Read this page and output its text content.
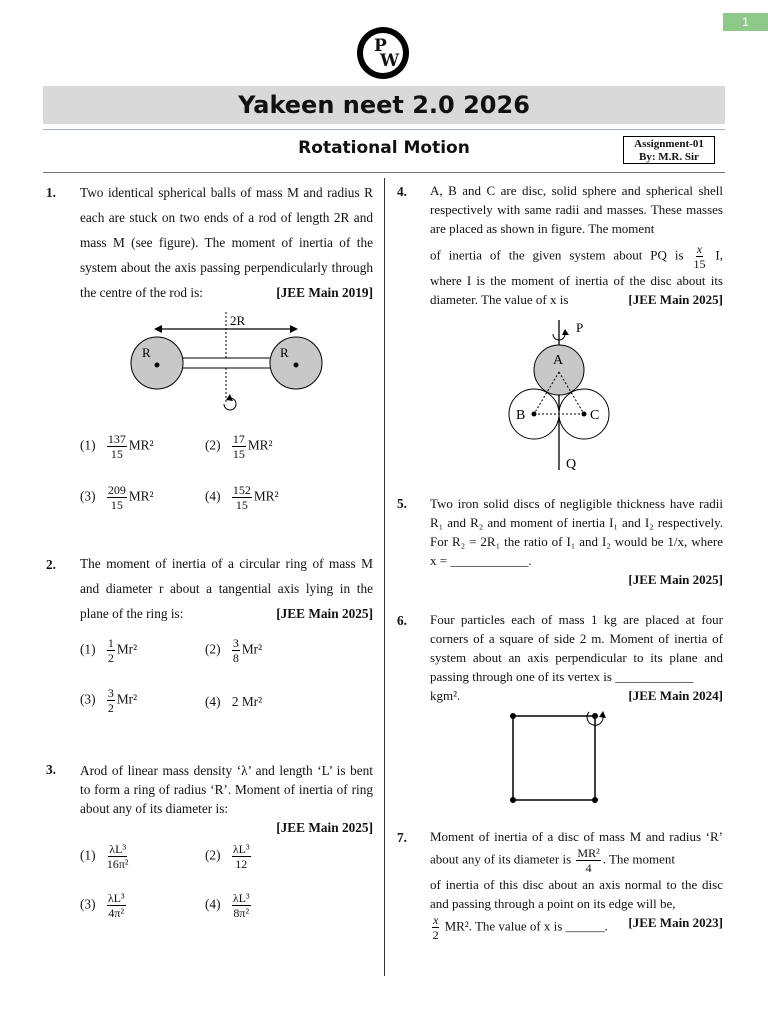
1
P
W
Yakeen neet 2.0 2026
Rotational Motion	Assignment-01
By: M.R. Sir
1. Two identical spherical balls of mass M and radius R each are stuck on two ends of a rod of length 2R and mass M (see figure). The moment of inertia of the system about the axis passing perpendicularly through the centre of the rod is:	[JEE Main 2019]
2R
R	R
$(1) \frac{137}{15} MR^2$	$(2) \frac{17}{15} MR^2$
$(3) \frac{209}{15} MR^2$	$(4) \frac{152}{15} MR^2$
2. The moment of inertia of a circular ring of mass M and diameter r about a tangential axis lying in the plane of the ring is:	[JEE Main 2025]
$(1) \frac{1}{2} Mr^2$	$(2) \frac{3}{8} Mr^2$
$(3) \frac{3}{2} Mr^2$	(4) 2 Mr²
3. Arod of linear mass density ‘λ’ and length ‘L’ is bent to form a ring of radius ‘R’. Moment of inertia of ring about any of its diameter is:

[JEE Main 2025]
$(1) \frac{\text{λL³}}{\text{16π²}}$	$(2) \frac{\text{λL³}}{12}$
$(3) \frac{\text{λL³}}{\text{4π²}}$	$(4) \frac{\text{λL³}}{\text{8π²}}$
4. A, B and C are disc, solid sphere and spherical shell respectively with same radii and masses. These masses are placed as shown in figure. The moment
of inertia of the given system about PQ is $\frac{x}{15} I$,
where I is the moment of inertia of the disc about its diameter. The value of x is	[JEE Main 2025]
P
A
B	C
Q
5. Two iron solid discs of negligible thickness have radii R₁ and R₂ and moment of inertia I₁ and I₂ respectively. For R₂ = 2R₁ the ratio of I₁ and I₂ would be 1/x, where x = ____________.

[JEE Main 2025]
6. Four particles each of mass 1 kg are placed at four corners of a square of side 2 m. Moment of inertia of system about an axis perpendicular to its plane and passing through one of its vertex is ____________
kgm².	[JEE Main 2024]
7. Moment of inertia of a disc of mass M and radius ‘R’ about any of its diameter is $\frac{\text{MR²}}{4}$ . The moment
of inertia of this disc about an axis normal to the disc and passing through a point on its edge will be,

$\frac{x}{2} MR^2$. The value of x is ______. [JEE Main 2023]
